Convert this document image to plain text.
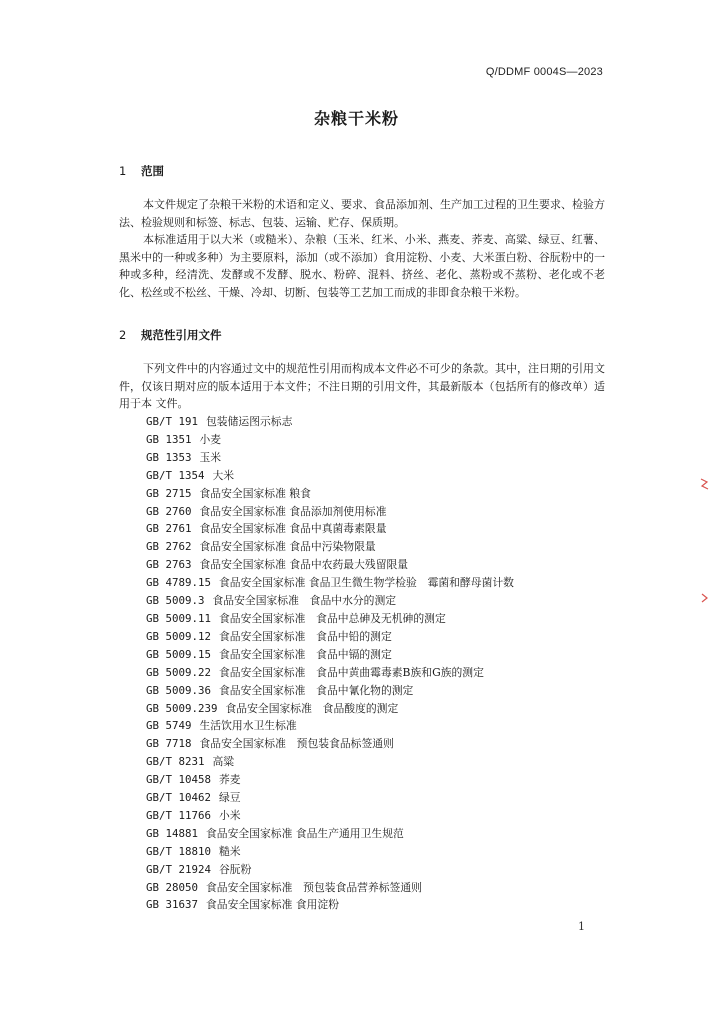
Q/DDMF 0004S—2023
杂粮干米粉
1 范围

本文件规定了杂粮干米粉的术语和定义、要求、食品添加剂、生产加工过程的卫生要求、检验方法、检验规则和标签、标志、包装、运输、贮存、保质期。

本标准适用于以大米（或糙米）、杂粮（玉米、红米、小米、燕麦、荞麦、高粱、绿豆、红薯、黑米中的一种或多种）为主要原料，添加（或不添加）食用淀粉、小麦、大米蛋白粉、谷朊粉中的一种或多种，经清洗、发酵或不发酵、脱水、粉碎、混料、挤丝、老化、蒸粉或不蒸粉、老化或不老化、松丝或不松丝、干燥、冷却、切断、包装等工艺加工而成的非即食杂粮干米粉。

2 规范性引用文件

下列文件中的内容通过文中的规范性引用而构成本文件必不可少的条款。其中，注日期的引用文件，仅该日期对应的版本适用于本文件；不注日期的引用文件，其最新版本（包括所有的修改单）适用于本 文件。

GB/T 191 包装储运图示标志
GB 1351 小麦
GB 1353 玉米
GB/T 1354 大米
GB 2715 食品安全国家标准 粮食
GB 2760 食品安全国家标准 食品添加剂使用标准
GB 2761 食品安全国家标准 食品中真菌毒素限量
GB 2762 食品安全国家标准 食品中污染物限量
GB 2763 食品安全国家标准 食品中农药最大残留限量
GB 4789.15 食品安全国家标准 食品卫生微生物学检验　霉菌和酵母菌计数
GB 5009.3 食品安全国家标准　食品中水分的测定
GB 5009.11 食品安全国家标准　食品中总砷及无机砷的测定
GB 5009.12 食品安全国家标准　食品中铅的测定
GB 5009.15 食品安全国家标准　食品中镉的测定
GB 5009.22 食品安全国家标准　食品中黄曲霉毒素B族和G族的测定
GB 5009.36 食品安全国家标准　食品中氰化物的测定
GB 5009.239 食品安全国家标准　食品酸度的测定
GB 5749 生活饮用水卫生标准
GB 7718 食品安全国家标准　预包装食品标签通则
GB/T 8231 高粱
GB/T 10458 荞麦
GB/T 10462 绿豆
GB/T 11766 小米
GB 14881 食品安全国家标准 食品生产通用卫生规范
GB/T 18810 糙米
GB/T 21924 谷朊粉
GB 28050 食品安全国家标准　预包装食品营养标签通则
GB 31637 食品安全国家标准 食用淀粉
1
